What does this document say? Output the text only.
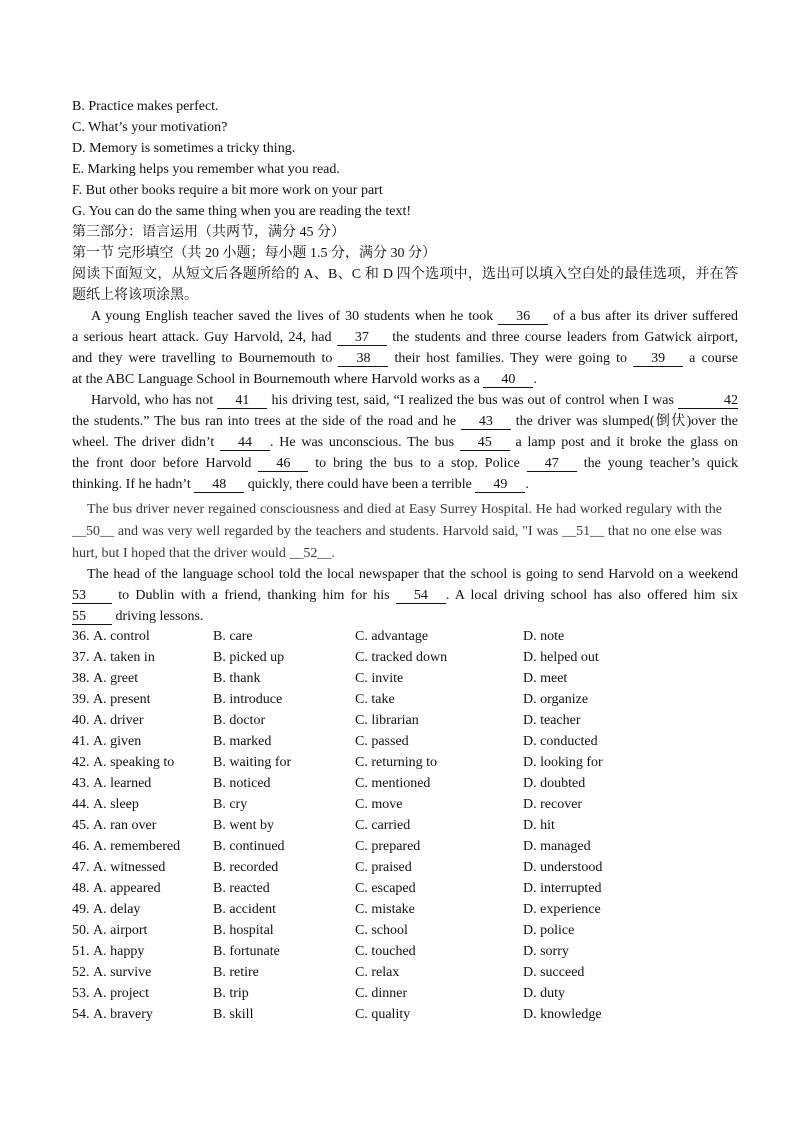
B. Practice makes perfect.
C. What’s your motivation?
D. Memory is sometimes a tricky thing.
E. Marking helps you remember what you read.
F. But other books require a bit more work on your part
G. You can do the same thing when you are reading the text!
第三部分：语言运用（共两节，满分 45 分）
第一节 完形填空（共 20 小题；每小题 1.5 分，满分 30 分）
阅读下面短文，从短文后各题所给的 A、B、C 和 D 四个选项中，选出可以填入空白处的最佳选项，并在答
题纸上将该项涂黑。
A young English teacher saved the lives of 30 students when he took 36 of a bus after its driver suffered
a serious heart attack. Guy Harvold, 24, had 37 the students and three course leaders from Gatwick airport,
and they were travelling to Bournemouth to 38 their host families. They were going to 39 a course
at the ABC Language School in Bournemouth where Harvold works as a 40 .
Harvold, who has not 41 his driving test, said, “I realized the bus was out of control when I was	42
the students.” The bus ran into trees at the side of the road and he 43 the driver was slumped(倒伏)over the
wheel. The driver didn’t 44 . He was unconscious. The bus 45 a lamp post and it broke the glass on
the front door before Harvold 46 to bring the bus to a stop. Police 47 the young teacher’s quick
thinking. If he hadn’t 48 quickly, there could have been a terrible 49 .
The bus driver never regained consciousness and died at Easy Surrey Hospital. He had worked regulary with the
__50__ and was very well regarded by the teachers and students. Harvold said, "I was __51__ that no one else was
hurt, but I hoped that the driver would __52__.
The head of the language school told the local newspaper that the school is going to send Harvold on a weekend
53 to Dublin with a friend, thanking him for his 54 . A local driving school has also offered him six
55 driving lessons.
36. A. control	B. care	C. advantage	D. note
37. A. taken in	B. picked up	C. tracked down	D. helped out
38. A. greet	B. thank	C. invite	D. meet
39. A. present	B. introduce	C. take	D. organize
40. A. driver	B. doctor	C. librarian	D. teacher
41. A. given	B. marked	C. passed	D. conducted
42. A. speaking to	B. waiting for	C. returning to	D. looking for
43. A. learned	B. noticed	C. mentioned	D. doubted
44. A. sleep	B. cry	C. move	D. recover
45. A. ran over	B. went by	C. carried	D. hit
46. A. remembered	B. continued	C. prepared	D. managed
47. A. witnessed	B. recorded	C. praised	D. understood
48. A. appeared	B. reacted	C. escaped	D. interrupted
49. A. delay	B. accident	C. mistake	D. experience
50. A. airport	B. hospital	C. school	D. police
51. A. happy	B. fortunate	C. touched	D. sorry
52. A. survive	B. retire	C. relax	D. succeed
53. A. project	B. trip	C. dinner	D. duty
54. A. bravery	B. skill	C. quality	D. knowledge
